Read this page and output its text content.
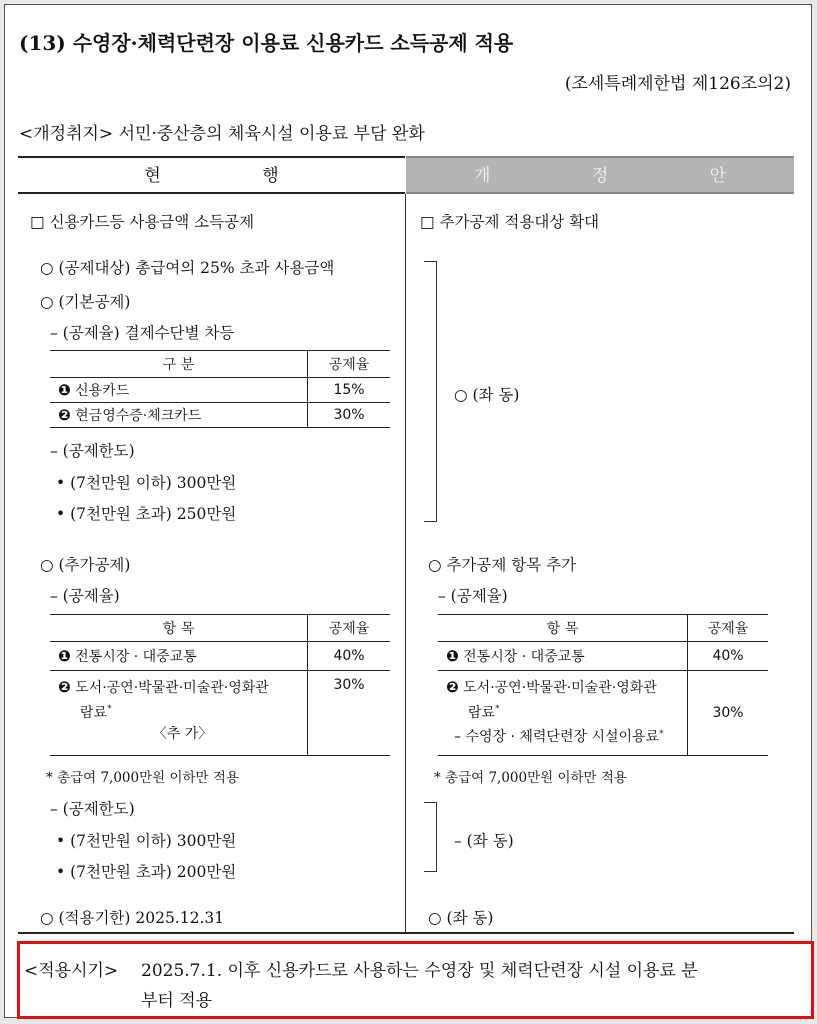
(13) 수영장·체력단련장 이용료 신용카드 소득공제 적용
(조세특례제한법 제126조의2)
<개정취지> 서민·중산층의 체육시설 이용료 부담 완화
현 행	개 정 안
□ 신용카드등 사용금액 소득공제
○ (공제대상) 총급여의 25% 초과 사용금액
○ (기본공제)
– (공제율) 결제수단별 차등
구 분	공제율
❶ 신용카드	15%
❷ 현금영수증·체크카드	30%
– (공제한도)
• (7천만원 이하) 300만원
• (7천만원 초과) 250만원
○ (추가공제)
– (공제율)
항 목	공제율
❶ 전통시장 · 대중교통	40%
❷ 도서·공연·박물관·미술관·영화관
람료*

〈추 가〉	30%
* 총급여 7,000만원 이하만 적용
– (공제한도)
• (7천만원 이하) 300만원
• (7천만원 초과) 200만원
○ (적용기한) 2025.12.31
□ 추가공제 적용대상 확대
○ (좌 동)
○ 추가공제 항목 추가
– (공제율)
항 목	공제율
❶ 전통시장 · 대중교통	40%
❷ 도서·공연·박물관·미술관·영화관
람료*
– 수영장 · 체력단련장 시설이용료*	30%
* 총급여 7,000만원 이하만 적용
– (좌 동)
○ (좌 동)
<적용시기> 2025.7.1. 이후 신용카드로 사용하는 수영장 및 체력단련장 시설 이용료 분
부터 적용
